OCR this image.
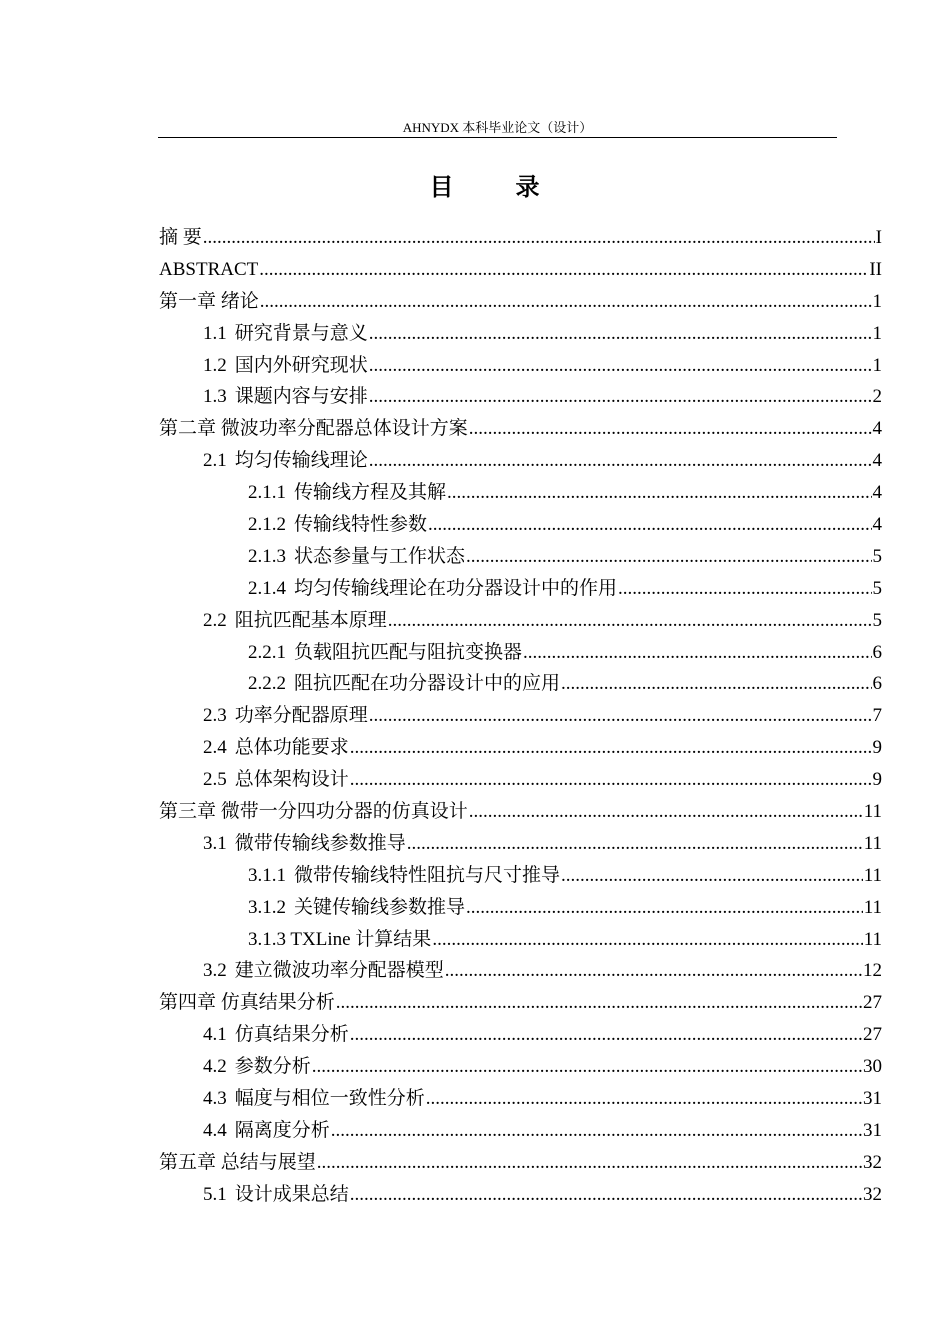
AHNYDX 本科毕业论文（设计）
目 录
摘 要 .....	I
ABSTRACT .....	II
第一章 绪论 .....	1
1.1 研究背景与意义 .....	1
1.2 国内外研究现状 .....	1
1.3 课题内容与安排 .....	2
第二章 微波功率分配器总体设计方案 .....	4
2.1 均匀传输线理论 .....	4
2.1.1 传输线方程及其解 .....	4
2.1.2 传输线特性参数 .....	4
2.1.3 状态参量与工作状态 .....	5
2.1.4 均匀传输线理论在功分器设计中的作用 .....	5
2.2 阻抗匹配基本原理 .....	5
2.2.1 负载阻抗匹配与阻抗变换器 .....	6
2.2.2 阻抗匹配在功分器设计中的应用 .....	6
2.3 功率分配器原理 .....	7
2.4 总体功能要求 .....	9
2.5 总体架构设计 .....	9
第三章 微带一分四功分器的仿真设计 .....	11
3.1 微带传输线参数推导 .....	11
3.1.1 微带传输线特性阻抗与尺寸推导 .....	11
3.1.2 关键传输线参数推导 .....	11
3.1.3 TXLine 计算结果 .....	11
3.2 建立微波功率分配器模型 .....	12
第四章 仿真结果分析 .....	27
4.1 仿真结果分析 .....	27
4.2 参数分析 .....	30
4.3 幅度与相位一致性分析 .....	31
4.4 隔离度分析 .....	31
第五章 总结与展望 .....	32
5.1 设计成果总结 .....	32
